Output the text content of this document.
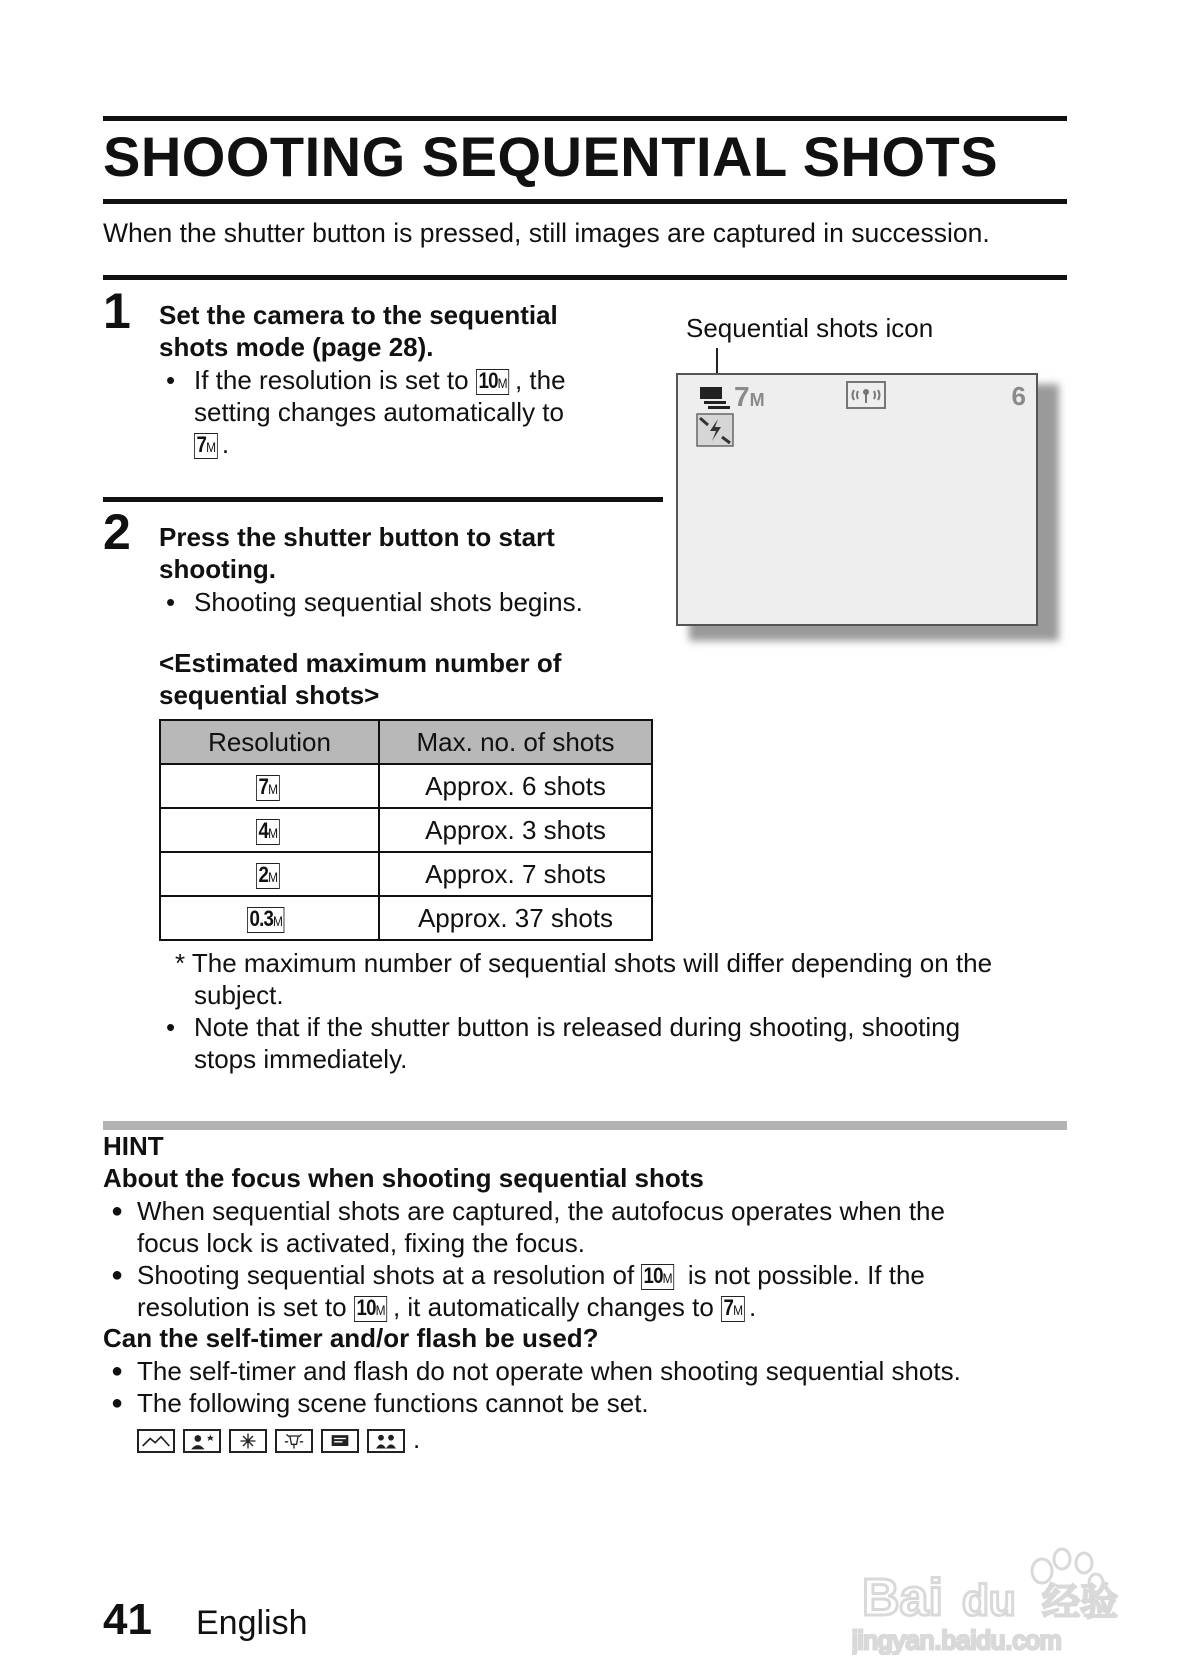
SHOOTING SEQUENTIAL SHOTS
When the shutter button is pressed, still images are captured in succession.
1 Set the camera to the sequential
shots mode (page 28).
• If the resolution is set to 10M , the
setting changes automatically to
7M .
2 Press the shutter button to start
shooting.
• Shooting sequential shots begins.
Sequential shots icon
7M	6
<Estimated maximum number of
sequential shots>
Resolution	Max. no. of shots
7M	Approx. 6 shots
4M	Approx. 3 shots
2M	Approx. 7 shots
0.3M	Approx. 37 shots
* The maximum number of sequential shots will differ depending on the
subject.
• Note that if the shutter button is released during shooting, shooting
stops immediately.
HINT
About the focus when shooting sequential shots
● When sequential shots are captured, the autofocus operates when the
focus lock is activated, fixing the focus.
● Shooting sequential shots at a resolution of 10M is not possible. If the
resolution is set to 10M , it automatically changes to 7M .
Can the self-timer and/or flash be used?
● The self-timer and flash do not operate when shooting sequential shots.
● The following scene functions cannot be set.
.
41 English	Bai du 经验
jingyan.baidu.com
